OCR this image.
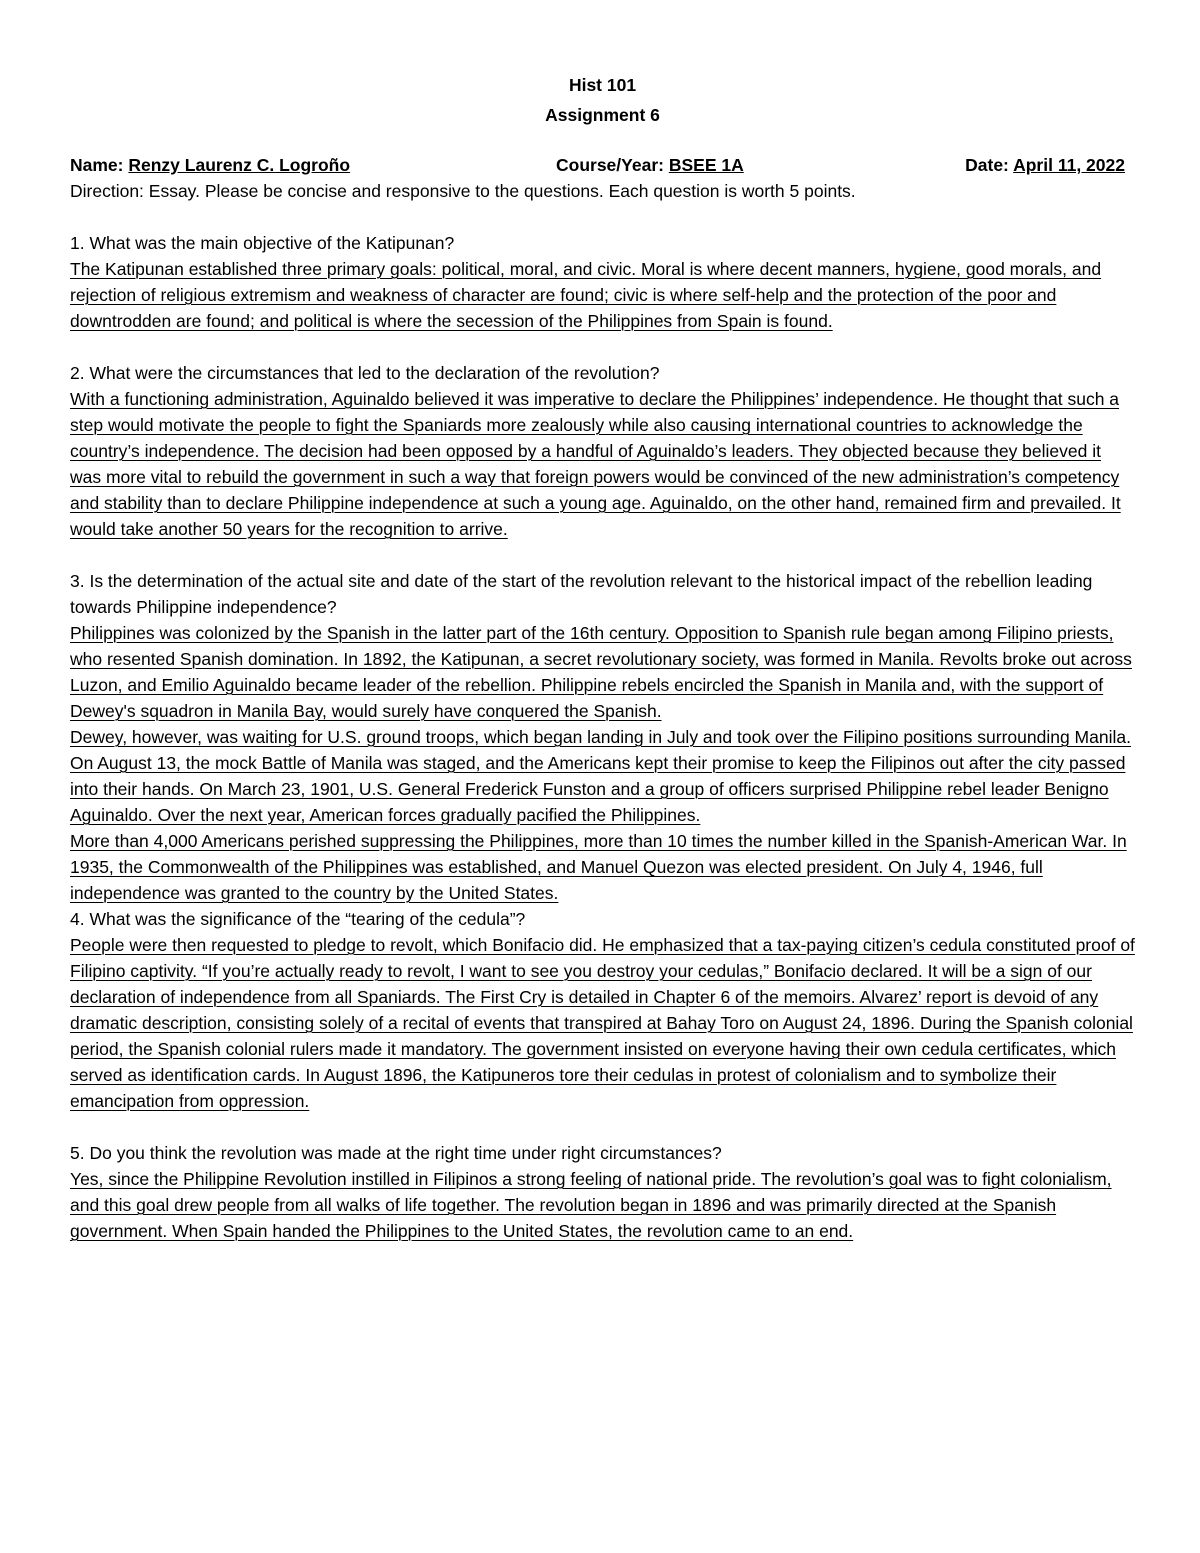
Hist 101
Assignment 6
Name: Renzy Laurenz C. Logroño	Course/Year: BSEE 1A	Date: April 11, 2022

Direction: Essay. Please be concise and responsive to the questions. Each question is worth 5 points.

1. What was the main objective of the Katipunan?

The Katipunan established three primary goals: political, moral, and civic. Moral is where decent manners, hygiene, good morals, and rejection of religious extremism and weakness of character are found; civic is where self-help and the protection of the poor and downtrodden are found; and political is where the secession of the Philippines from Spain is found.

2. What were the circumstances that led to the declaration of the revolution?

With a functioning administration, Aguinaldo believed it was imperative to declare the Philippines’ independence. He thought that such a step would motivate the people to fight the Spaniards more zealously while also causing international countries to acknowledge the country’s independence. The decision had been opposed by a handful of Aguinaldo’s leaders. They objected because they believed it was more vital to rebuild the government in such a way that foreign powers would be convinced of the new administration’s competency and stability than to declare Philippine independence at such a young age. Aguinaldo, on the other hand, remained firm and prevailed. It would take another 50 years for the recognition to arrive.

3. Is the determination of the actual site and date of the start of the revolution relevant to the historical impact of the rebellion leading towards Philippine independence?

Philippines was colonized by the Spanish in the latter part of the 16th century. Opposition to Spanish rule began among Filipino priests, who resented Spanish domination. In 1892, the Katipunan, a secret revolutionary society, was formed in Manila. Revolts broke out across Luzon, and Emilio Aguinaldo became leader of the rebellion. Philippine rebels encircled the Spanish in Manila and, with the support of Dewey's squadron in Manila Bay, would surely have conquered the Spanish.

Dewey, however, was waiting for U.S. ground troops, which began landing in July and took over the Filipino positions surrounding Manila. On August 13, the mock Battle of Manila was staged, and the Americans kept their promise to keep the Filipinos out after the city passed into their hands. On March 23, 1901, U.S. General Frederick Funston and a group of officers surprised Philippine rebel leader Benigno Aguinaldo. Over the next year, American forces gradually pacified the Philippines.

More than 4,000 Americans perished suppressing the Philippines, more than 10 times the number killed in the Spanish-American War. In 1935, the Commonwealth of the Philippines was established, and Manuel Quezon was elected president. On July 4, 1946, full independence was granted to the country by the United States.

4. What was the significance of the “tearing of the cedula”?

People were then requested to pledge to revolt, which Bonifacio did. He emphasized that a tax-paying citizen’s cedula constituted proof of Filipino captivity. “If you’re actually ready to revolt, I want to see you destroy your cedulas,” Bonifacio declared. It will be a sign of our declaration of independence from all Spaniards. The First Cry is detailed in Chapter 6 of the memoirs. Alvarez’ report is devoid of any dramatic description, consisting solely of a recital of events that transpired at Bahay Toro on August 24, 1896. During the Spanish colonial period, the Spanish colonial rulers made it mandatory. The government insisted on everyone having their own cedula certificates, which served as identification cards. In August 1896, the Katipuneros tore their cedulas in protest of colonialism and to symbolize their emancipation from oppression.

5. Do you think the revolution was made at the right time under right circumstances?

Yes, since the Philippine Revolution instilled in Filipinos a strong feeling of national pride. The revolution’s goal was to fight colonialism, and this goal drew people from all walks of life together. The revolution began in 1896 and was primarily directed at the Spanish government. When Spain handed the Philippines to the United States, the revolution came to an end.
